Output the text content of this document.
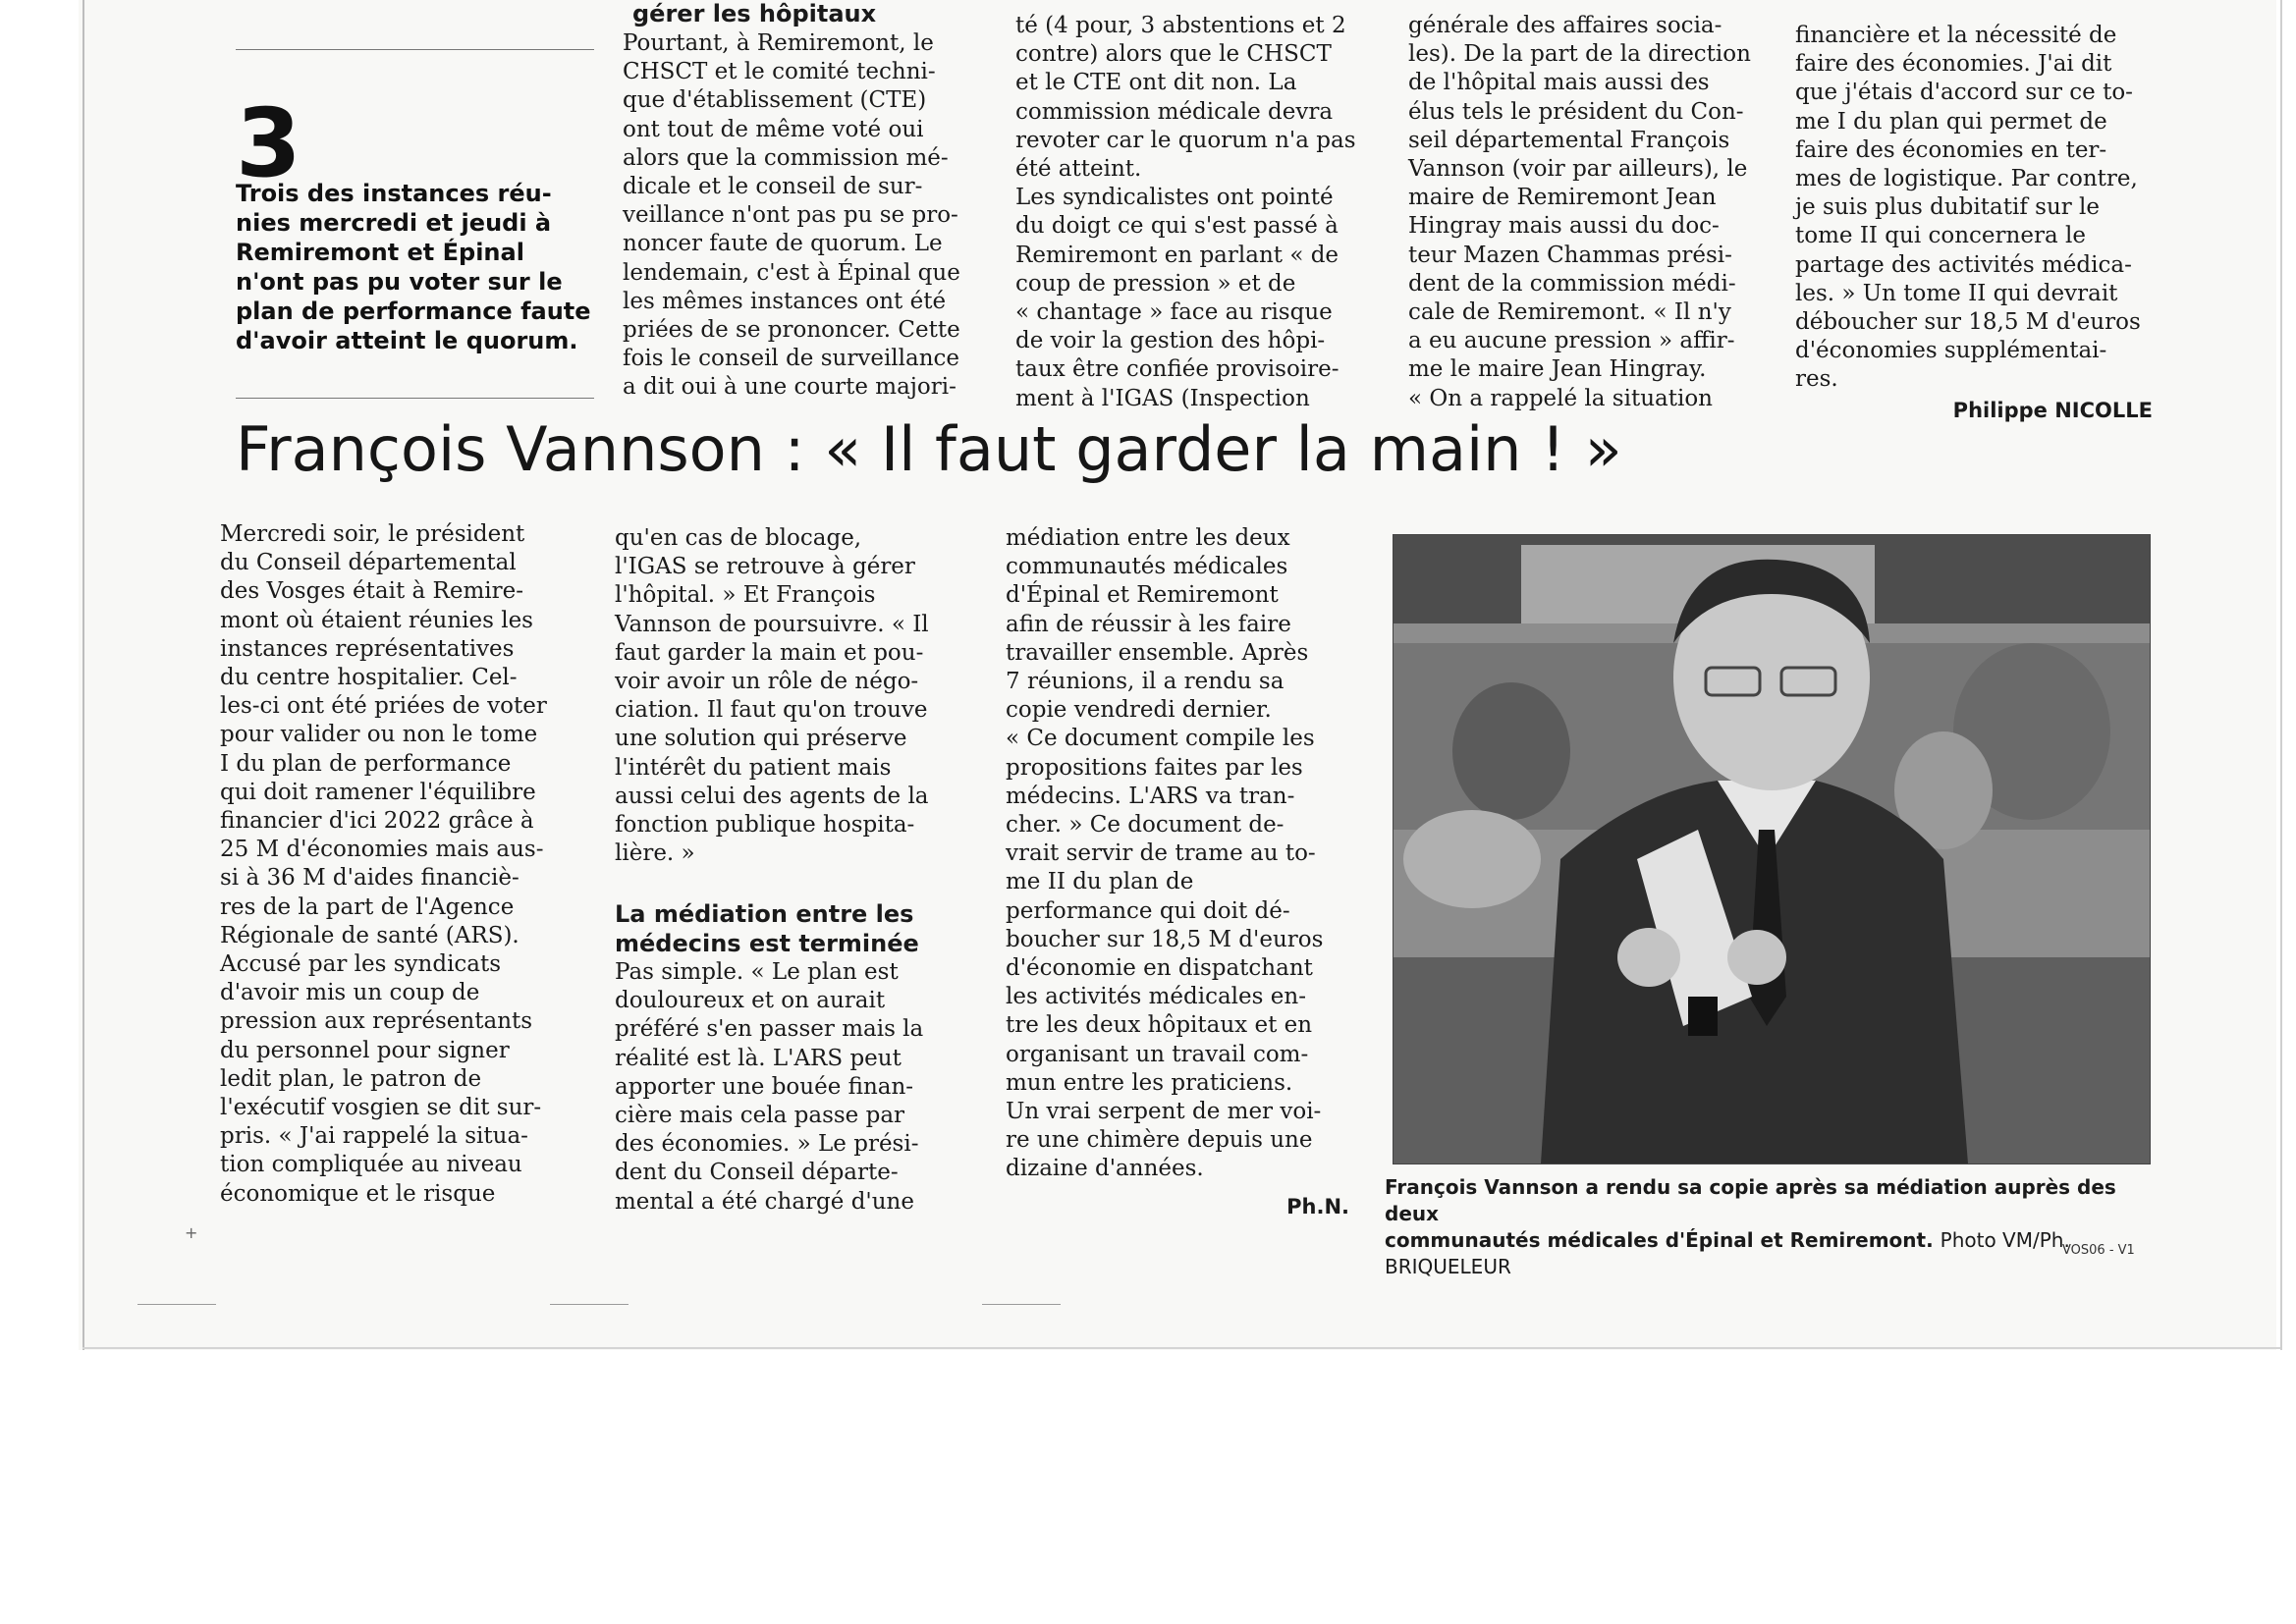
3
Trois des instances réu-
nies mercredi et jeudi à
Remiremont et Épinal
n'ont pas pu voter sur le
plan de performance faute
d'avoir atteint le quorum.
gérer les hôpitaux

Pourtant, à Remiremont, le
CHSCT et le comité techni-
que d'établissement (CTE)
ont tout de même voté oui
alors que la commission mé-
dicale et le conseil de sur-
veillance n'ont pas pu se pro-
noncer faute de quorum. Le
lendemain, c'est à Épinal que
les mêmes instances ont été
priées de se prononcer. Cette
fois le conseil de surveillance
a dit oui à une courte majori-

té (4 pour, 3 abstentions et 2
contre) alors que le CHSCT
et le CTE ont dit non. La
commission médicale devra
revoter car le quorum n'a pas
été atteint.
Les syndicalistes ont pointé
du doigt ce qui s'est passé à
Remiremont en parlant « de
coup de pression » et de
« chantage » face au risque
de voir la gestion des hôpi-
taux être confiée provisoire-
ment à l'IGAS (Inspection

générale des affaires socia-
les). De la part de la direction
de l'hôpital mais aussi des
élus tels le président du Con-
seil départemental François
Vannson (voir par ailleurs), le
maire de Remiremont Jean
Hingray mais aussi du doc-
teur Mazen Chammas prési-
dent de la commission médi-
cale de Remiremont. « Il n'y
a eu aucune pression » affir-
me le maire Jean Hingray.
« On a rappelé la situation

financière et la nécessité de
faire des économies. J'ai dit
que j'étais d'accord sur ce to-
me I du plan qui permet de
faire des économies en ter-
mes de logistique. Par contre,
je suis plus dubitatif sur le
tome II qui concernera le
partage des activités médica-
les. » Un tome II qui devrait
déboucher sur 18,5 M d'euros
d'économies supplémentai-
res.

Philippe NICOLLE
François Vannson : « Il faut garder la main ! »

Mercredi soir, le président
du Conseil départemental
des Vosges était à Remire-
mont où étaient réunies les
instances représentatives
du centre hospitalier. Cel-
les-ci ont été priées de voter
pour valider ou non le tome
I du plan de performance
qui doit ramener l'équilibre
financier d'ici 2022 grâce à
25 M d'économies mais aus-
si à 36 M d'aides financiè-
res de la part de l'Agence
Régionale de santé (ARS).
Accusé par les syndicats
d'avoir mis un coup de
pression aux représentants
du personnel pour signer
ledit plan, le patron de
l'exécutif vosgien se dit sur-
pris. « J'ai rappelé la situa-
tion compliquée au niveau
économique et le risque

qu'en cas de blocage,
l'IGAS se retrouve à gérer
l'hôpital. » Et François
Vannson de poursuivre. « Il
faut garder la main et pou-
voir avoir un rôle de négo-
ciation. Il faut qu'on trouve
une solution qui préserve
l'intérêt du patient mais
aussi celui des agents de la
fonction publique hospita-
lière. »

La médiation entre les
médecins est terminée

Pas simple. « Le plan est
douloureux et on aurait
préféré s'en passer mais la
réalité est là. L'ARS peut
apporter une bouée finan-
cière mais cela passe par
des économies. » Le prési-
dent du Conseil départe-
mental a été chargé d'une

médiation entre les deux
communautés médicales
d'Épinal et Remiremont
afin de réussir à les faire
travailler ensemble. Après
7 réunions, il a rendu sa
copie vendredi dernier.
« Ce document compile les
propositions faites par les
médecins. L'ARS va tran-
cher. » Ce document de-
vrait servir de trame au to-
me II du plan de
performance qui doit dé-
boucher sur 18,5 M d'euros
d'économie en dispatchant
les activités médicales en-
tre les deux hôpitaux et en
organisant un travail com-
mun entre les praticiens.
Un vrai serpent de mer voi-
re une chimère depuis une
dizaine d'années.

Ph.N.
François Vannson a rendu sa copie après sa médiation auprès des deux
communautés médicales d'Épinal et Remiremont. Photo VM/Ph. BRIQUELEUR
VOS06 - V1
+
